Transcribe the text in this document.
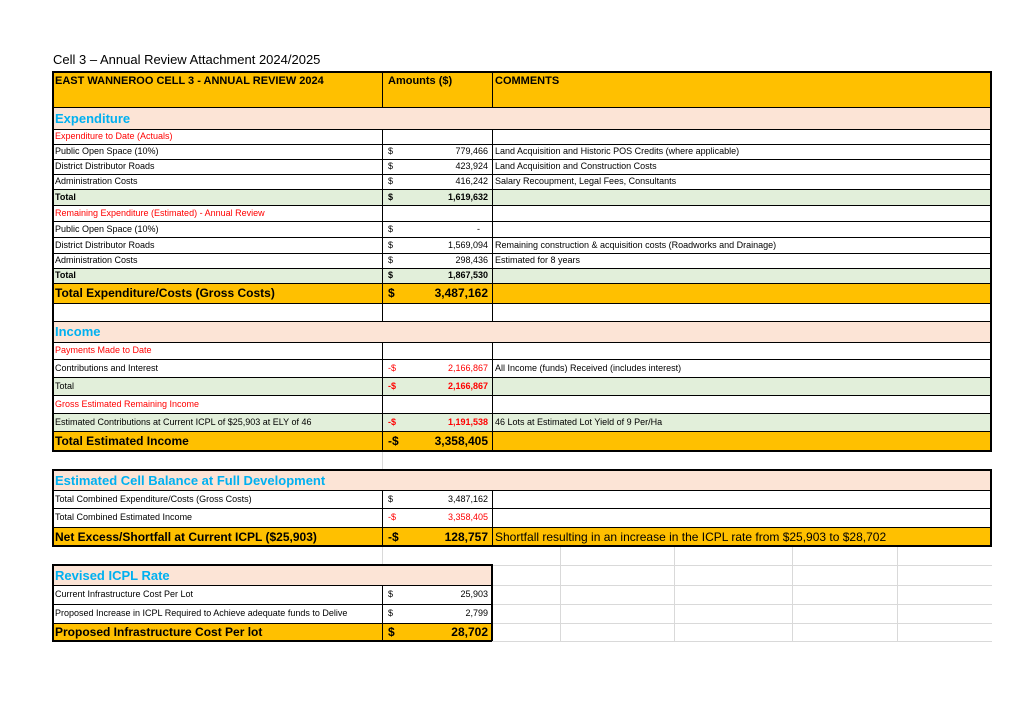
Cell 3 – Annual Review Attachment 2024/2025
EAST WANNEROO CELL 3 - ANNUAL REVIEW 2024	Amounts ($)	COMMENTS
Expenditure
Expenditure to Date (Actuals)
Public Open Space (10%)	$	779,466 Land Acquisition and Historic POS Credits (where applicable)
District Distributor Roads	$	423,924 Land Acquisition and Construction Costs
Administration Costs	$	416,242 Salary Recoupment, Legal Fees, Consultants
Total	$	1,619,632
Remaining Expenditure (Estimated) - Annual Review
Public Open Space (10%)	$	-
District Distributor Roads	$	1,569,094 Remaining construction & acquisition costs (Roadworks and Drainage)
Administration Costs	$	298,436 Estimated for 8 years
Total	$	1,867,530
Total Expenditure/Costs (Gross Costs)	$	3,487,162
Income
Payments Made to Date
Contributions and Interest	-$	2,166,867 All Income (funds) Received (includes interest)
Total	-$	2,166,867
Gross Estimated Remaining Income
Estimated Contributions at Current ICPL of $25,903 at ELY of 46	-$	1,191,538 46 Lots at Estimated Lot Yield of 9 Per/Ha
Total Estimated Income	-$	3,358,405
Estimated Cell Balance at Full Development
Total Combined Expenditure/Costs (Gross Costs)	$	3,487,162
Total Combined Estimated Income	-$	3,358,405
Net Excess/Shortfall at Current ICPL ($25,903)	-$	128,757 Shortfall resulting in an increase in the ICPL rate from $25,903 to $28,702
Revised ICPL Rate
Current Infrastructure Cost Per Lot	$	25,903
Proposed Increase in ICPL Required to Achieve adequate funds to Delive	$	2,799
Proposed Infrastructure Cost Per lot	$	28,702
